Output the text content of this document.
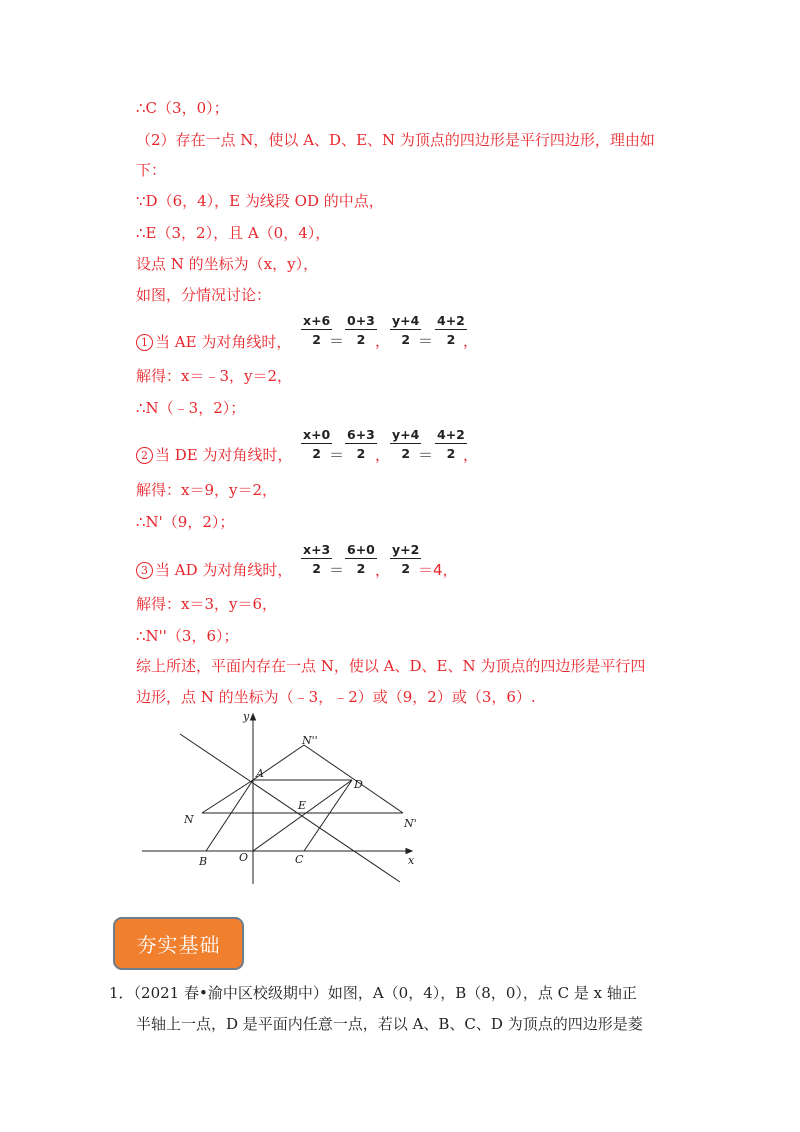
∴C（3，0）；
（2）存在一点 N，使以 A、D、E、N 为顶点的四边形是平行四边形，理由如
下：
∵D（6，4），E 为线段 OD 的中点，
∴E（3，2），且 A（0，4），
设点 N 的坐标为（x，y），
如图，分情况讨论：
1 当 AE 为对角线时， $\frac{x+6}{2}$
＝ $\frac{0+3}{2}$
， $\frac{y+4}{2}$
＝ $\frac{4+2}{2}$
，
解得：x＝﹣3，y＝2，
∴N（﹣3，2）；
2 当 DE 为对角线时， $\frac{x+0}{2}$
＝ $\frac{6+3}{2}$
， $\frac{y+4}{2}$
＝ $\frac{4+2}{2}$
，
解得：x＝9，y＝2，
∴N'（9，2）；
3 当 AD 为对角线时， $\frac{x+3}{2}$
＝ $\frac{6+0}{2}$
， $\frac{y+2}{2}$
＝4，
解得：x＝3，y＝6，
∴N''（3，6）；
综上所述，平面内存在一点 N，使以 A、D、E、N 为顶点的四边形是平行四
边形，点 N 的坐标为（﹣3，﹣2）或（9，2）或（3，6）.
y
x
A
D
E
N	N'
N''
B	O	C
夯实基础
1．（2021 春•渝中区校级期中）如图，A（0，4），B（8，0），点 C 是 x 轴正
半轴上一点，D 是平面内任意一点，若以 A、B、C、D 为顶点的四边形是菱
